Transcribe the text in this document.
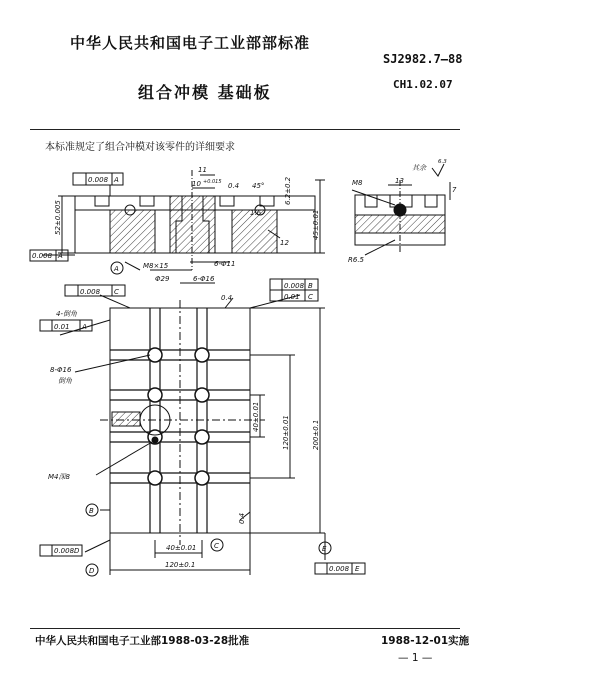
中华人民共和国电子工业部部标准
SJ2982.7—88
组合冲模 基础板	CH1.02.07
本标准规定了组合冲模对该零件的详细要求
0.008 A
11
10 +0.015 0.4 45°
1.6
52±0.005
0.008 A
12
6.2±0.2
45±0.01
M8×15	6-Φ11
Φ29	6-Φ16
A
M8	13
7
R6.5
其余
6.3
0.008 C
0.008 B
0.01 C
0.01 A
4-倒角
8-Φ16
倒角
0.4
40±0.01	120±0.01	200±0.1
M4深8
B
0.4
0.008 D	40±0.01	C
120±0.1
D
E
0.008 E
中华人民共和国电子工业部1988-03-28批准	1988-12-01实施
— 1 —
